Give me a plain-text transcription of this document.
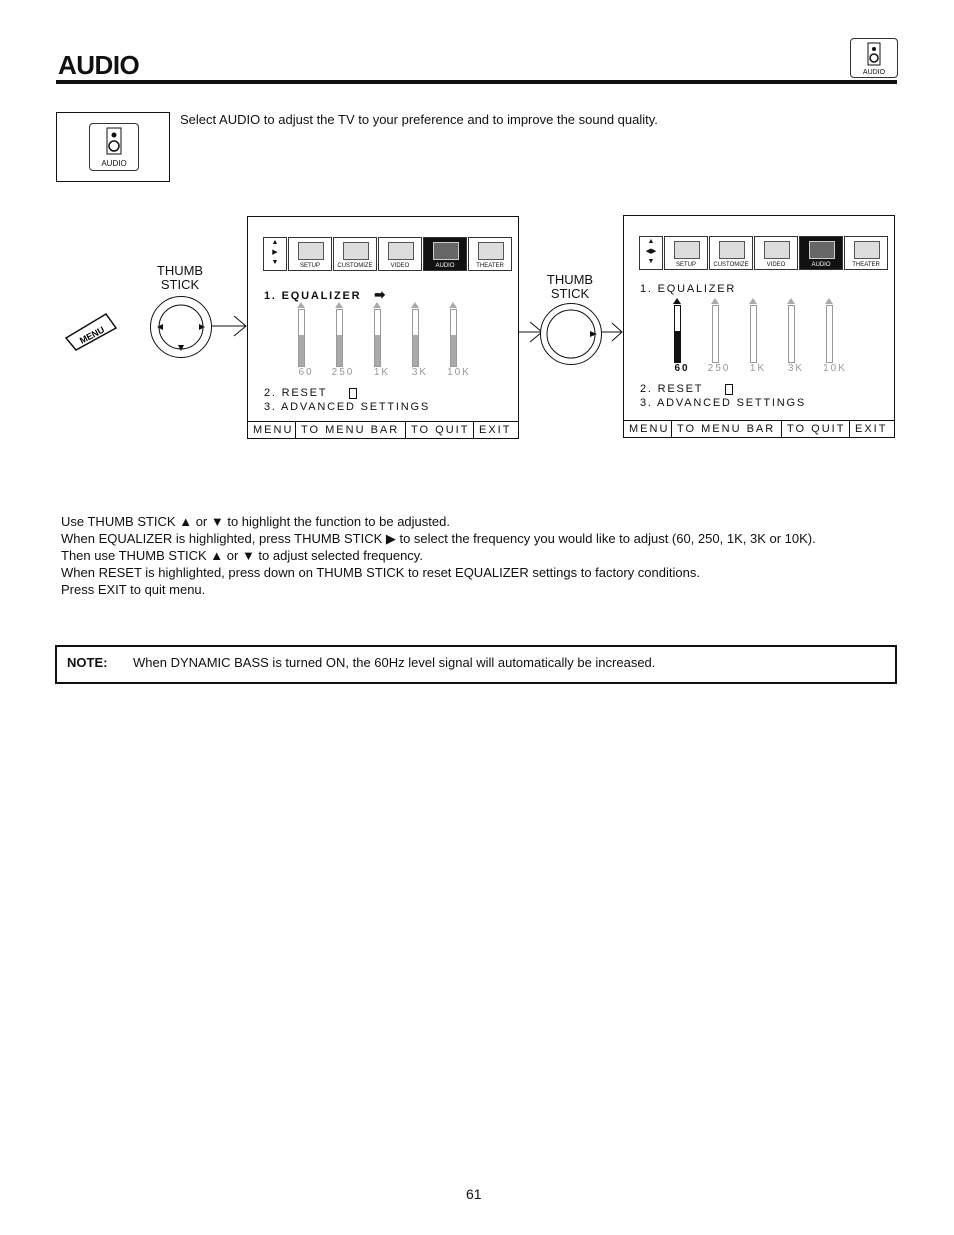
AUDIO	AUDIO
AUDIO
Select AUDIO to adjust the TV to your preference and to improve the sound quality.
MENU
THUMB
STICK
▲
▶
▼	SETUP	CUSTOMIZE	VIDEO	AUDIO	THEATER
1. EQUALIZER ➡
60	250	1K	3K	10K
2. RESET
3. ADVANCED SETTINGS
MENU TO MENU BAR	TO QUIT EXIT
THUMB
STICK
▲
◀▶
▼	SETUP	CUSTOMIZE	VIDEO	AUDIO	THEATER
1. EQUALIZER
60	250	1K	3K	10K
2. RESET
3. ADVANCED SETTINGS
MENU TO MENU BAR	TO QUIT EXIT
Use THUMB STICK ▲ or ▼ to highlight the function to be adjusted.
When EQUALIZER is highlighted, press THUMB STICK ▶ to select the frequency you would like to adjust (60, 250, 1K, 3K or 10K).
Then use THUMB STICK ▲ or ▼ to adjust selected frequency.
When RESET is highlighted, press down on THUMB STICK to reset EQUALIZER settings to factory conditions.
Press EXIT to quit menu.
NOTE: When DYNAMIC BASS is turned ON, the 60Hz level signal will automatically be increased.
61
